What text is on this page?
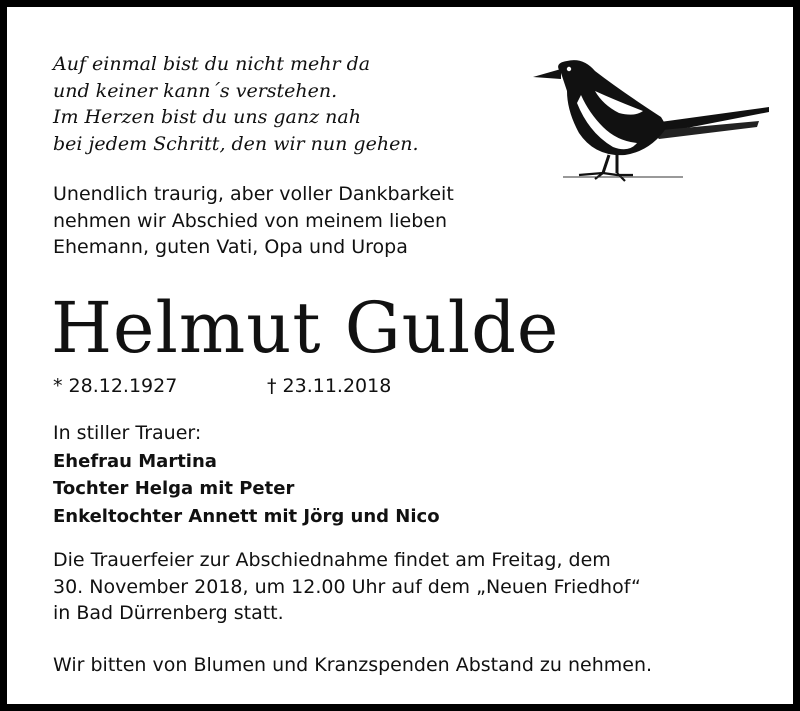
Auf einmal bist du nicht mehr da
und keiner kann´s verstehen.
Im Herzen bist du uns ganz nah
bei jedem Schritt, den wir nun gehen.

Unendlich traurig, aber voller Dankbarkeit
nehmen wir Abschied von meinem lieben
Ehemann, guten Vati, Opa und Uropa

Helmut Gulde
* 28.12.1927	† 23.11.2018
In stiller Trauer:
Ehefrau Martina
Tochter Helga mit Peter
Enkeltochter Annett mit Jörg und Nico

Die Trauerfeier zur Abschiednahme findet am Freitag, dem
30. November 2018, um 12.00 Uhr auf dem „Neuen Friedhof“
in Bad Dürrenberg statt.

Wir bitten von Blumen und Kranzspenden Abstand zu nehmen.
